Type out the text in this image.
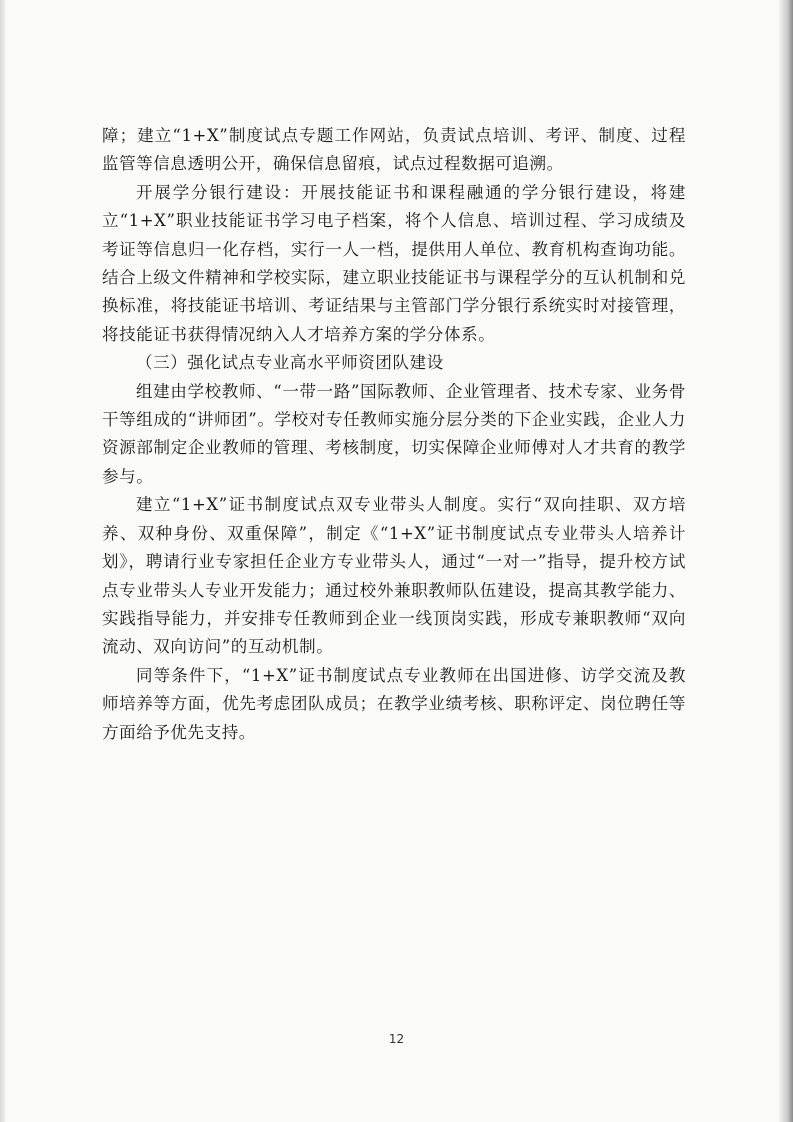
障；建立“1+X”制度试点专题工作网站，负责试点培训、考评、制度、过程监管等信息透明公开，确保信息留痕，试点过程数据可追溯。

开展学分银行建设：开展技能证书和课程融通的学分银行建设，将建立“1+X”职业技能证书学习电子档案，将个人信息、培训过程、学习成绩及考证等信息归一化存档，实行一人一档，提供用人单位、教育机构查询功能。结合上级文件精神和学校实际，建立职业技能证书与课程学分的互认机制和兑换标准，将技能证书培训、考证结果与主管部门学分银行系统实时对接管理，将技能证书获得情况纳入人才培养方案的学分体系。

（三）强化试点专业高水平师资团队建设

组建由学校教师、“一带一路”国际教师、企业管理者、技术专家、业务骨干等组成的“讲师团”。学校对专任教师实施分层分类的下企业实践，企业人力资源部制定企业教师的管理、考核制度，切实保障企业师傅对人才共育的教学参与。

建立“1+X”证书制度试点双专业带头人制度。实行“双向挂职、双方培养、双种身份、双重保障”，制定《“1+X”证书制度试点专业带头人培养计划》，聘请行业专家担任企业方专业带头人，通过“一对一”指导，提升校方试点专业带头人专业开发能力；通过校外兼职教师队伍建设，提高其教学能力、实践指导能力，并安排专任教师到企业一线顶岗实践，形成专兼职教师“双向流动、双向访问”的互动机制。

同等条件下，“1+X”证书制度试点专业教师在出国进修、访学交流及教师培养等方面，优先考虑团队成员；在教学业绩考核、职称评定、岗位聘任等方面给予优先支持。

12
